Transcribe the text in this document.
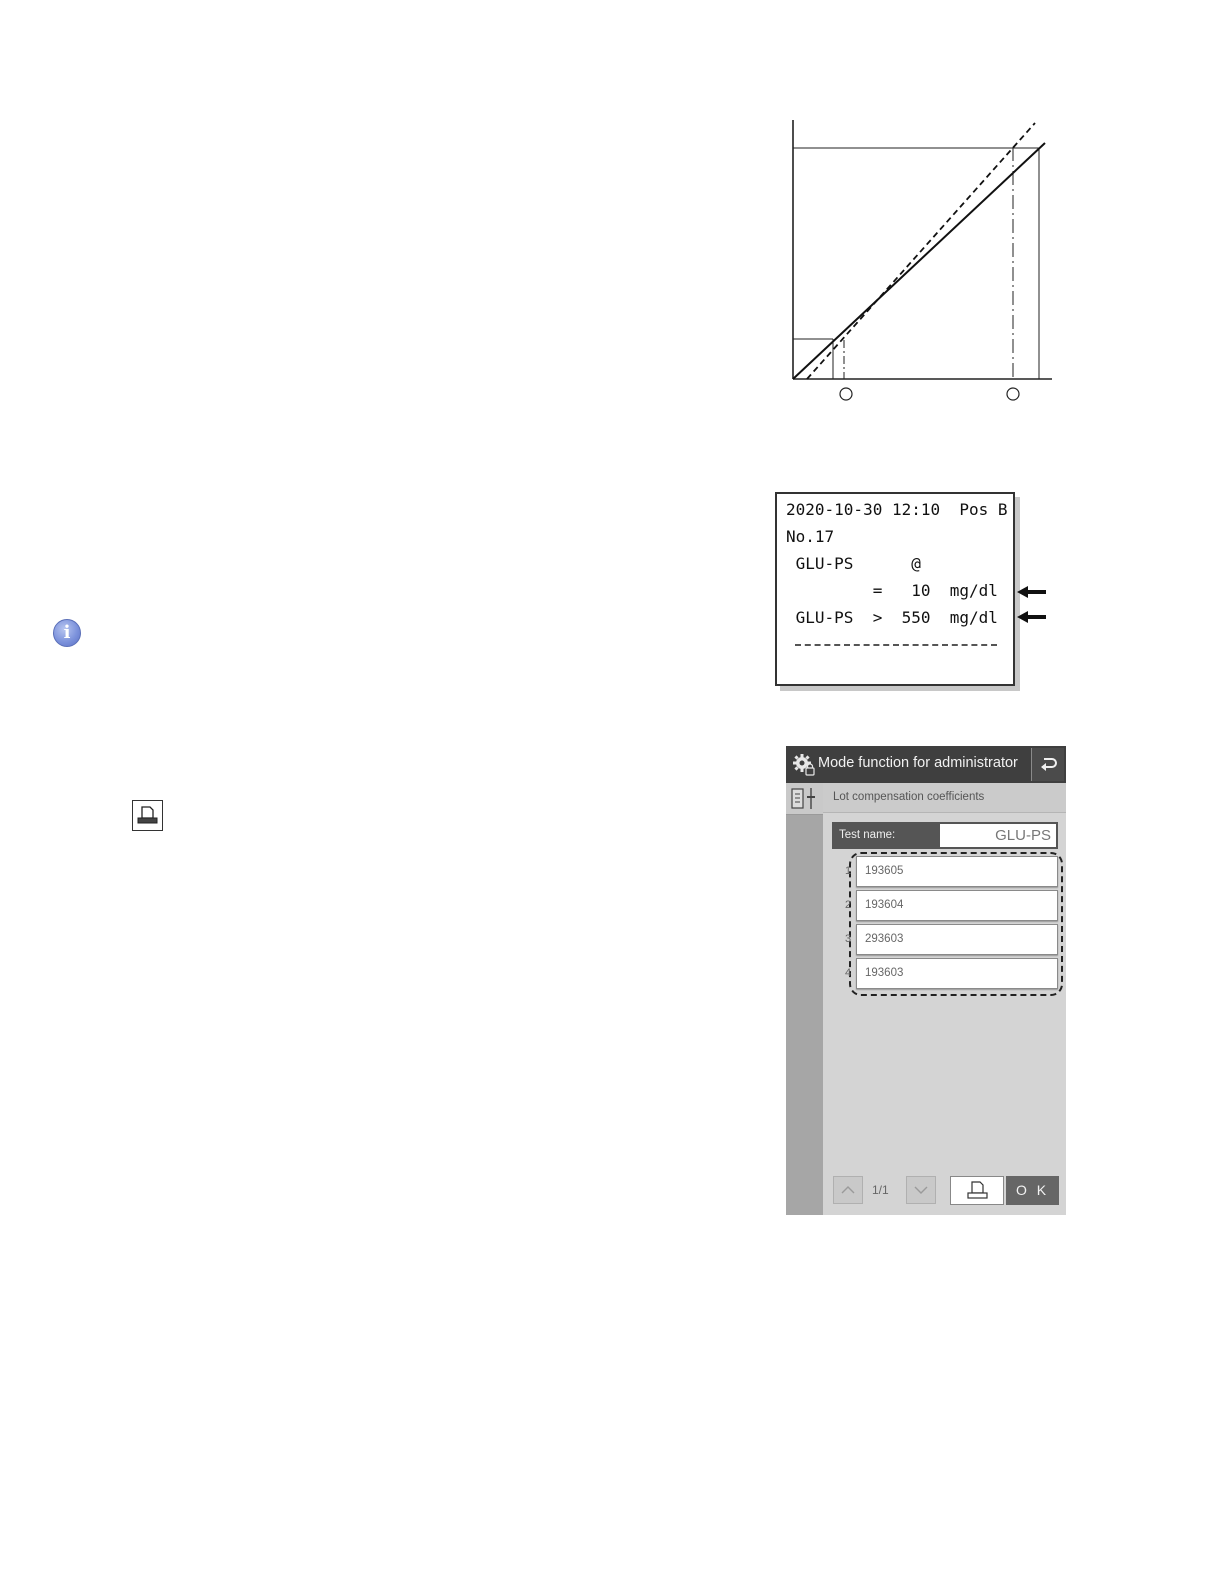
2020-10-30 12:10  Pos B
No.17
GLU-PS      @
=   10  mg/dl
GLU-PS  >  550  mg/dl
i
Mode function for administrator
Lot compensation coefficients
Test name:	GLU-PS
1	193605
2	193604
3	293603
4	193603
1/1	O K
